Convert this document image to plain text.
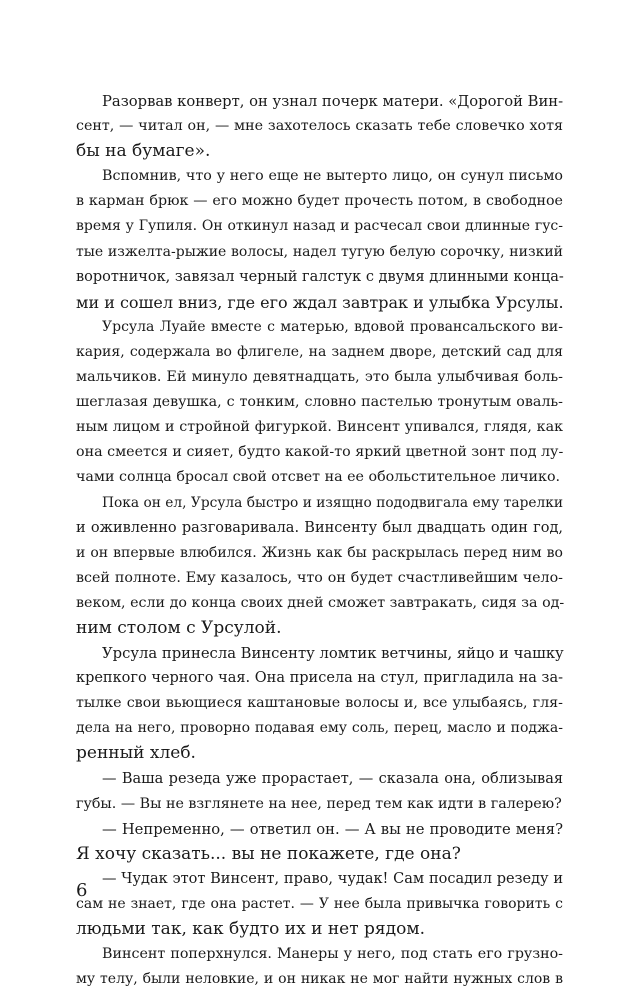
Разорвав конверт, он узнал почерк матери. «Дорогой Вин-
сент, — читал он, — мне захотелось сказать тебе словечко хотя
бы на бумаге».
Вспомнив, что у него еще не вытерто лицо, он сунул письмо
в карман брюк — его можно будет прочесть потом, в свободное
время у Гупиля. Он откинул назад и расчесал свои длинные гус-
тые изжелта-рыжие волосы, надел тугую белую сорочку, низкий
воротничок, завязал черный галстук с двумя длинными конца-
ми и сошел вниз, где его ждал завтрак и улыбка Урсулы.
Урсула Луайе вместе с матерью, вдовой провансальского ви-
кария, содержала во флигеле, на заднем дворе, детский сад для
мальчиков. Ей минуло девятнадцать, это была улыбчивая боль-
шеглазая девушка, с тонким, словно пастелью тронутым оваль-
ным лицом и стройной фигуркой. Винсент упивался, глядя, как
она смеется и сияет, будто какой-то яркий цветной зонт под лу-
чами солнца бросал свой отсвет на ее обольстительное личико.
Пока он ел, Урсула быстро и изящно пододвигала ему тарелки
и оживленно разговаривала. Винсенту был двадцать один год,
и он впервые влюбился. Жизнь как бы раскрылась перед ним во
всей полноте. Ему казалось, что он будет счастливейшим чело-
веком, если до конца своих дней сможет завтракать, сидя за од-
ним столом с Урсулой.
Урсула принесла Винсенту ломтик ветчины, яйцо и чашку
крепкого черного чая. Она присела на стул, пригладила на за-
тылке свои вьющиеся каштановые волосы и, все улыбаясь, гля-
дела на него, проворно подавая ему соль, перец, масло и поджа-
ренный хлеб.
— Ваша резеда уже прорастает, — сказала она, облизывая
губы. — Вы не взглянете на нее, перед тем как идти в галерею?
— Непременно, — ответил он. — А вы не проводите меня?
Я хочу сказать... вы не покажете, где она?
— Чудак этот Винсент, право, чудак! Сам посадил резеду и
сам не знает, где она растет. — У нее была привычка говорить с
людьми так, как будто их и нет рядом.
Винсент поперхнулся. Манеры у него, под стать его грузно-
му телу, были неловкие, и он никак не мог найти нужных слов в
6
